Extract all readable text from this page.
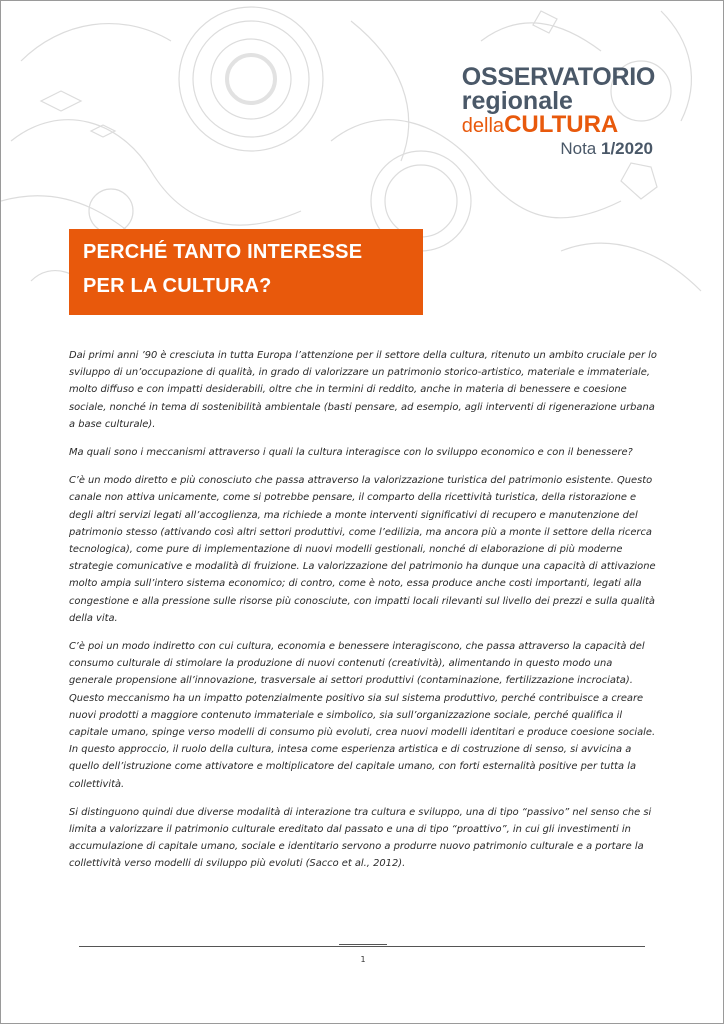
OSSERVATORIO
regionale
dellaCULTURA
Nota 1/2020
PERCHÉ TANTO INTERESSE
PER LA CULTURA?

Dai primi anni ’90 è cresciuta in tutta Europa l’attenzione per il settore della cultura, ritenuto un ambito cruciale per lo sviluppo di un’occupazione di qualità, in grado di valorizzare un patrimonio storico-artistico, materiale e immateriale, molto diffuso e con impatti desiderabili, oltre che in termini di reddito, anche in materia di benessere e coesione sociale, nonché in tema di sostenibilità ambientale (basti pensare, ad esempio, agli interventi di rigenerazione urbana a base culturale).

Ma quali sono i meccanismi attraverso i quali la cultura interagisce con lo sviluppo economico e con il benessere?

C’è un modo diretto e più conosciuto che passa attraverso la valorizzazione turistica del patrimonio esistente. Questo canale non attiva unicamente, come si potrebbe pensare, il comparto della ricettività turistica, della ristorazione e degli altri servizi legati all’accoglienza, ma richiede a monte interventi significativi di recupero e manutenzione del patrimonio stesso (attivando così altri settori produttivi, come l’edilizia, ma ancora più a monte il settore della ricerca tecnologica), come pure di implementazione di nuovi modelli gestionali, nonché di elaborazione di più moderne strategie comunicative e modalità di fruizione. La valorizzazione del patrimonio ha dunque una capacità di attivazione molto ampia sull’intero sistema economico; di contro, come è noto, essa produce anche costi importanti, legati alla congestione e alla pressione sulle risorse più conosciute, con impatti locali rilevanti sul livello dei prezzi e sulla qualità della vita.

C’è poi un modo indiretto con cui cultura, economia e benessere interagiscono, che passa attraverso la capacità del consumo culturale di stimolare la produzione di nuovi contenuti (creatività), alimentando in questo modo una generale propensione all’innovazione, trasversale ai settori produttivi (contaminazione, fertilizzazione incrociata). Questo meccanismo ha un impatto potenzialmente positivo sia sul sistema produttivo, perché contribuisce a creare nuovi prodotti a maggiore contenuto immateriale e simbolico, sia sull’organizzazione sociale, perché qualifica il capitale umano, spinge verso modelli di consumo più evoluti, crea nuovi modelli identitari e produce coesione sociale. In questo approccio, il ruolo della cultura, intesa come esperienza artistica e di costruzione di senso, si avvicina a quello dell’istruzione come attivatore e moltiplicatore del capitale umano, con forti esternalità positive per tutta la collettività.

Si distinguono quindi due diverse modalità di interazione tra cultura e sviluppo, una di tipo “passivo” nel senso che si limita a valorizzare il patrimonio culturale ereditato dal passato e una di tipo “proattivo”, in cui gli investimenti in accumulazione di capitale umano, sociale e identitario servono a produrre nuovo patrimonio culturale e a portare la collettività verso modelli di sviluppo più evoluti (Sacco et al., 2012).

1
